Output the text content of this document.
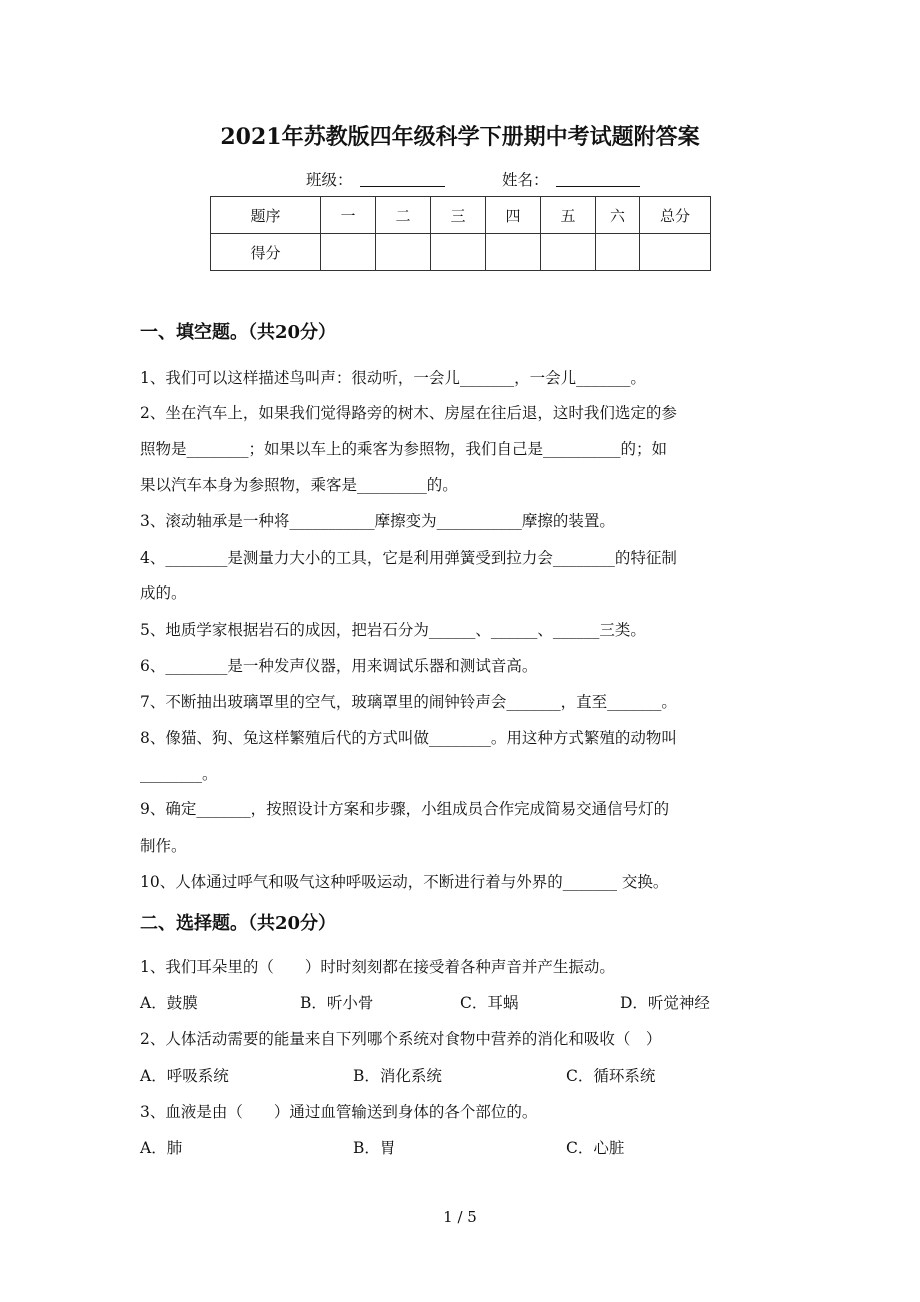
2021年苏教版四年级科学下册期中考试题附答案
班级：	姓名：
题序	一	二	三	四	五	六	总分
得分							
一、填空题。（共20分）
1、我们可以这样描述鸟叫声：很动听，一会儿_______，一会儿_______。
2、坐在汽车上，如果我们觉得路旁的树木、房屋在往后退，这时我们选定的参
照物是________；如果以车上的乘客为参照物，我们自己是__________的；如
果以汽车本身为参照物，乘客是_________的。
3、滚动轴承是一种将___________摩擦变为___________摩擦的装置。
4、________是测量力大小的工具，它是利用弹簧受到拉力会________的特征制
成的。
5、地质学家根据岩石的成因，把岩石分为______、______、______三类。
6、________是一种发声仪器，用来调试乐器和测试音高。
7、不断抽出玻璃罩里的空气，玻璃罩里的闹钟铃声会_______，直至_______。
8、像猫、狗、兔这样繁殖后代的方式叫做________。用这种方式繁殖的动物叫
________。
9、确定_______，按照设计方案和步骤，小组成员合作完成简易交通信号灯的
制作。
10、人体通过呼气和吸气这种呼吸运动，不断进行着与外界的_______ 交换。
二、选择题。（共20分）
1、我们耳朵里的（　　）时时刻刻都在接受着各种声音并产生振动。
A．鼓膜	B．听小骨	C．耳蜗	D．听觉神经
2、人体活动需要的能量来自下列哪个系统对食物中营养的消化和吸收（　）
A．呼吸系统	B．消化系统	C．循环系统
3、血液是由（　　）通过血管输送到身体的各个部位的。
A．肺	B．胃	C．心脏
1 / 5
